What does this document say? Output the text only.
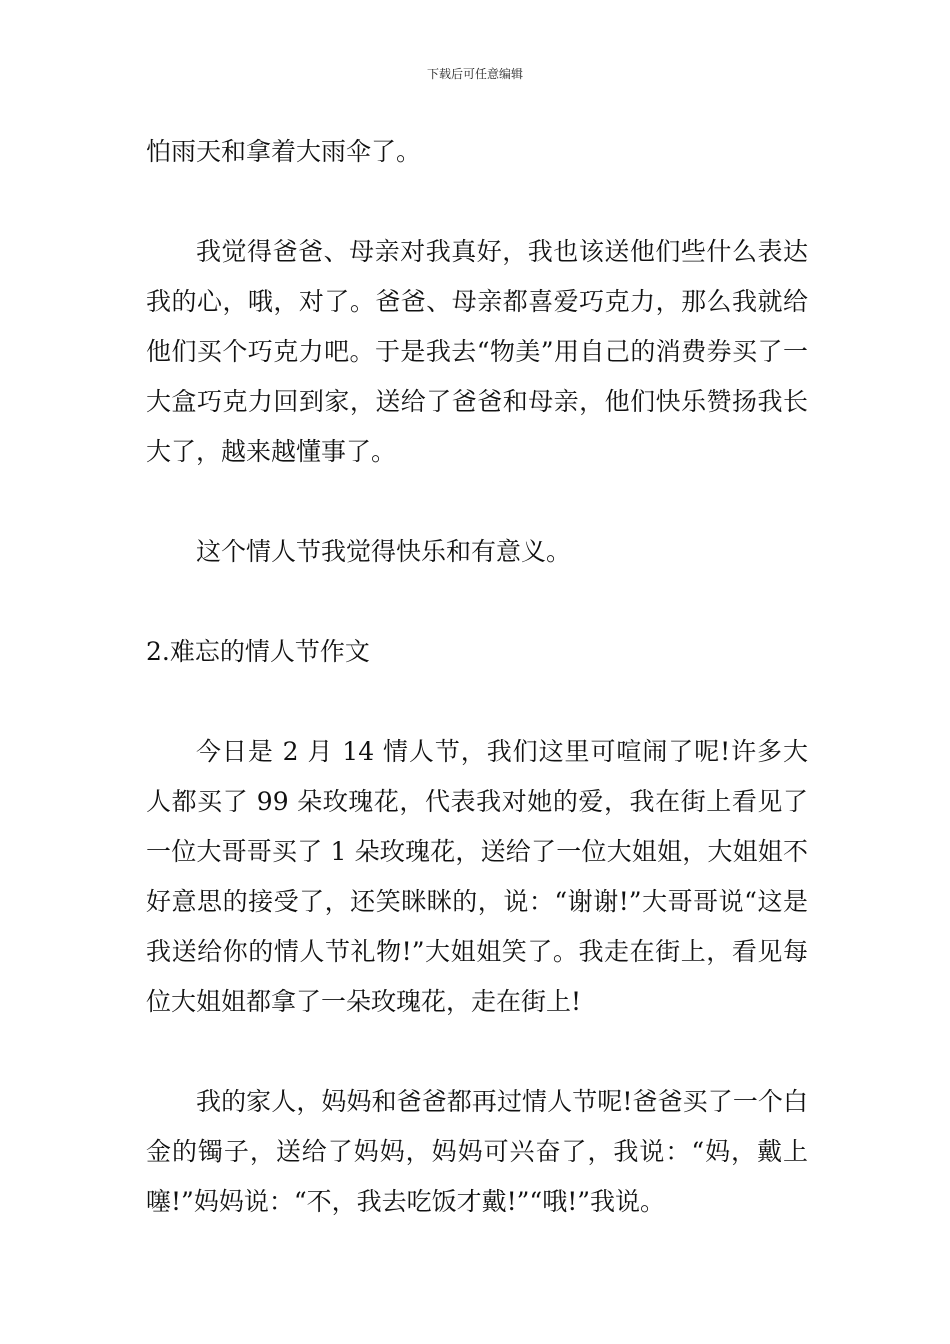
下载后可任意编辑

怕雨天和拿着大雨伞了。

我觉得爸爸、母亲对我真好，我也该送他们些什么表达我的心，哦，对了。爸爸、母亲都喜爱巧克力，那么我就给他们买个巧克力吧。于是我去“物美”用自己的消费券买了一大盒巧克力回到家，送给了爸爸和母亲，他们快乐赞扬我长大了，越来越懂事了。

这个情人节我觉得快乐和有意义。

2.难忘的情人节作文

今日是 2 月 14 情人节，我们这里可喧闹了呢!许多大人都买了 99 朵玫瑰花，代表我对她的爱，我在街上看见了一位大哥哥买了 1 朵玫瑰花，送给了一位大姐姐，大姐姐不好意思的接受了，还笑眯眯的，说：“谢谢!”大哥哥说“这是我送给你的情人节礼物!”大姐姐笑了。我走在街上，看见每位大姐姐都拿了一朵玫瑰花，走在街上!

我的家人，妈妈和爸爸都再过情人节呢!爸爸买了一个白金的镯子，送给了妈妈，妈妈可兴奋了，我说：“妈，戴上噻!”妈妈说：“不，我去吃饭才戴!”“哦!”我说。
